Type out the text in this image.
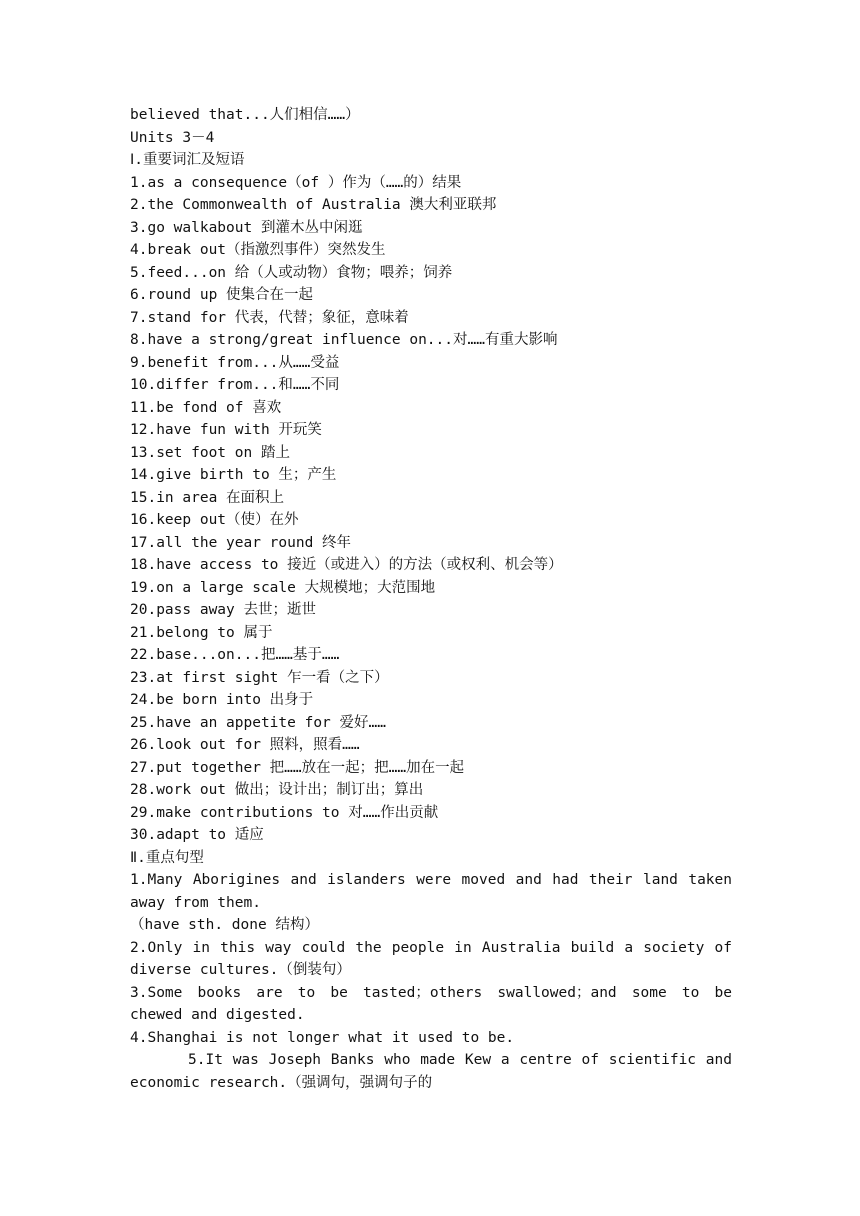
believed that...人们相信……）
Units 3－4
Ⅰ.重要词汇及短语
1.as a consequence（of ）作为（……的）结果
2.the Commonwealth of Australia 澳大利亚联邦
3.go walkabout 到灌木丛中闲逛
4.break out（指激烈事件）突然发生
5.feed...on 给（人或动物）食物；喂养；饲养
6.round up 使集合在一起
7.stand for 代表，代替；象征，意味着
8.have a strong/great influence on...对……有重大影响
9.benefit from...从……受益
10.differ from...和……不同
11.be fond of 喜欢
12.have fun with 开玩笑
13.set foot on 踏上
14.give birth to 生；产生
15.in area 在面积上
16.keep out（使）在外
17.all the year round 终年
18.have access to 接近（或进入）的方法（或权利、机会等）
19.on a large scale 大规模地；大范围地
20.pass away 去世；逝世
21.belong to 属于
22.base...on...把……基于……
23.at first sight 乍一看（之下）
24.be born into 出身于
25.have an appetite for 爱好……
26.look out for 照料，照看……
27.put together 把……放在一起；把……加在一起
28.work out 做出；设计出；制订出；算出
29.make contributions to 对……作出贡献
30.adapt to 适应
Ⅱ.重点句型
1.Many Aborigines and islanders were moved and had their land taken away from them.
（have sth. done 结构）
2.Only in this way could the people in Australia build a society of diverse cultures.（倒装句）
3.Some books are to be tasted；others swallowed；and some to be chewed and digested.
4.Shanghai is not longer what it used to be.
5.It was Joseph Banks who made Kew a centre of scientific and economic research.（强调句，强调句子的
